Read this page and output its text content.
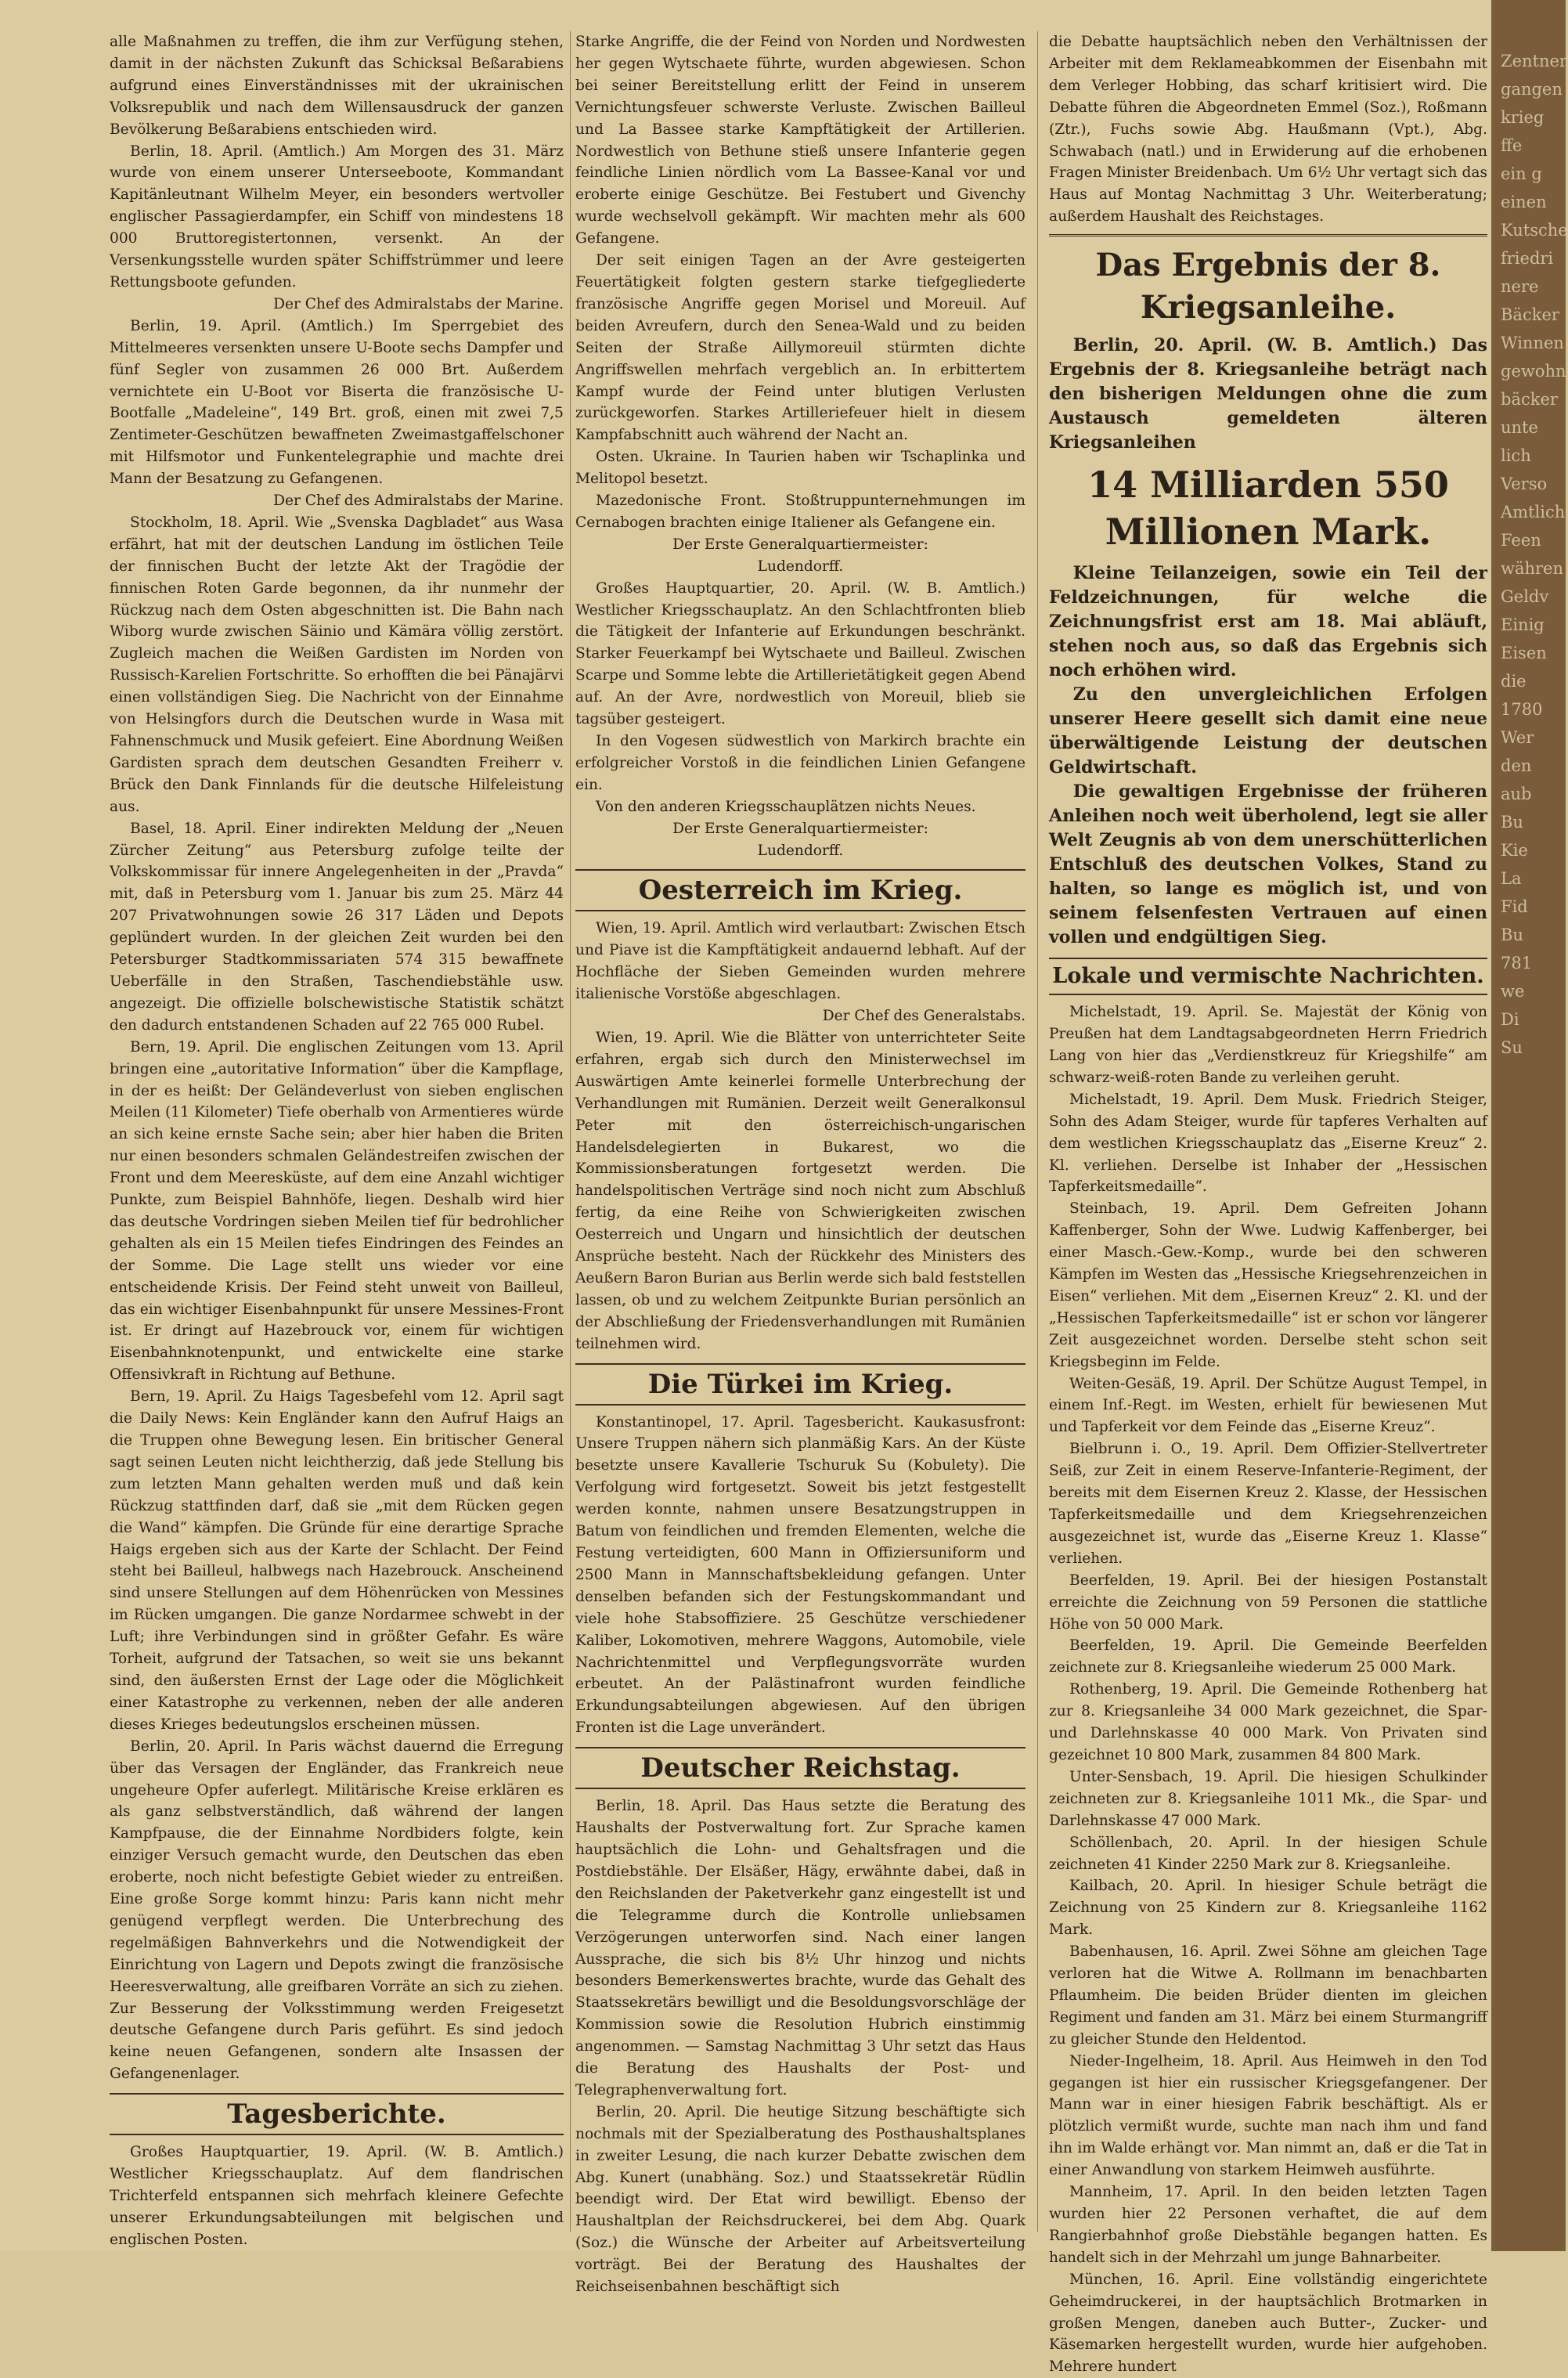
alle Maßnahmen zu treffen, die ihm zur Verfügung stehen, damit in der nächsten Zukunft das Schicksal Beßarabiens aufgrund eines Einverständnisses mit der ukrainischen Volksrepublik und nach dem Willensausdruck der ganzen Bevölkerung Beßarabiens entschieden wird.

Berlin, 18. April. (Amtlich.) Am Morgen des 31. März wurde von einem unserer Unterseeboote, Kommandant Kapitänleutnant Wilhelm Meyer, ein besonders wertvoller englischer Passagierdampfer, ein Schiff von mindestens 18 000 Bruttoregistertonnen, versenkt. An der Versenkungsstelle wurden später Schiffstrümmer und leere Rettungsboote gefunden.

Der Chef des Admiralstabs der Marine.

Berlin, 19. April. (Amtlich.) Im Sperrgebiet des Mittelmeeres versenkten unsere U-Boote sechs Dampfer und fünf Segler von zusammen 26 000 Brt. Außerdem vernichtete ein U-Boot vor Biserta die französische U-Bootfalle „Madeleine“, 149 Brt. groß, einen mit zwei 7,5 Zentimeter-Geschützen bewaffneten Zweimastgaffelschoner mit Hilfsmotor und Funkentelegraphie und machte drei Mann der Besatzung zu Gefangenen.

Der Chef des Admiralstabs der Marine.

Stockholm, 18. April. Wie „Svenska Dagbladet“ aus Wasa erfährt, hat mit der deutschen Landung im östlichen Teile der finnischen Bucht der letzte Akt der Tragödie der finnischen Roten Garde begonnen, da ihr nunmehr der Rückzug nach dem Osten abgeschnitten ist. Die Bahn nach Wiborg wurde zwischen Säinio und Kämära völlig zerstört. Zugleich machen die Weißen Gardisten im Norden von Russisch-Karelien Fortschritte. So erhofften die bei Pänajärvi einen vollständigen Sieg. Die Nachricht von der Einnahme von Helsingfors durch die Deutschen wurde in Wasa mit Fahnenschmuck und Musik gefeiert. Eine Abordnung Weißen Gardisten sprach dem deutschen Gesandten Freiherr v. Brück den Dank Finnlands für die deutsche Hilfeleistung aus.

Basel, 18. April. Einer indirekten Meldung der „Neuen Zürcher Zeitung“ aus Petersburg zufolge teilte der Volkskommissar für innere Angelegenheiten in der „Pravda“ mit, daß in Petersburg vom 1. Januar bis zum 25. März 44 207 Privatwohnungen sowie 26 317 Läden und Depots geplündert wurden. In der gleichen Zeit wurden bei den Petersburger Stadtkommissariaten 574 315 bewaffnete Ueberfälle in den Straßen, Taschendiebstähle usw. angezeigt. Die offizielle bolschewistische Statistik schätzt den dadurch entstandenen Schaden auf 22 765 000 Rubel.

Bern, 19. April. Die englischen Zeitungen vom 13. April bringen eine „autoritative Information“ über die Kampflage, in der es heißt: Der Geländeverlust von sieben englischen Meilen (11 Kilometer) Tiefe oberhalb von Armentieres würde an sich keine ernste Sache sein; aber hier haben die Briten nur einen besonders schmalen Geländestreifen zwischen der Front und dem Meeresküste, auf dem eine Anzahl wichtiger Punkte, zum Beispiel Bahnhöfe, liegen. Deshalb wird hier das deutsche Vordringen sieben Meilen tief für bedrohlicher gehalten als ein 15 Meilen tiefes Eindringen des Feindes an der Somme. Die Lage stellt uns wieder vor eine entscheidende Krisis. Der Feind steht unweit von Bailleul, das ein wichtiger Eisenbahnpunkt für unsere Messines-Front ist. Er dringt auf Hazebrouck vor, einem für wichtigen Eisenbahnknotenpunkt, und entwickelte eine starke Offensivkraft in Richtung auf Bethune.

Bern, 19. April. Zu Haigs Tagesbefehl vom 12. April sagt die Daily News: Kein Engländer kann den Aufruf Haigs an die Truppen ohne Bewegung lesen. Ein britischer General sagt seinen Leuten nicht leichtherzig, daß jede Stellung bis zum letzten Mann gehalten werden muß und daß kein Rückzug stattfinden darf, daß sie „mit dem Rücken gegen die Wand“ kämpfen. Die Gründe für eine derartige Sprache Haigs ergeben sich aus der Karte der Schlacht. Der Feind steht bei Bailleul, halbwegs nach Hazebrouck. Anscheinend sind unsere Stellungen auf dem Höhenrücken von Messines im Rücken umgangen. Die ganze Nordarmee schwebt in der Luft; ihre Verbindungen sind in größter Gefahr. Es wäre Torheit, aufgrund der Tatsachen, so weit sie uns bekannt sind, den äußersten Ernst der Lage oder die Möglichkeit einer Katastrophe zu verkennen, neben der alle anderen dieses Krieges bedeutungslos erscheinen müssen.

Berlin, 20. April. In Paris wächst dauernd die Erregung über das Versagen der Engländer, das Frankreich neue ungeheure Opfer auferlegt. Militärische Kreise erklären es als ganz selbstverständlich, daß während der langen Kampfpause, die der Einnahme Nordbiders folgte, kein einziger Versuch gemacht wurde, den Deutschen das eben eroberte, noch nicht befestigte Gebiet wieder zu entreißen. Eine große Sorge kommt hinzu: Paris kann nicht mehr genügend verpflegt werden. Die Unterbrechung des regelmäßigen Bahnverkehrs und die Notwendigkeit der Einrichtung von Lagern und Depots zwingt die französische Heeresverwaltung, alle greifbaren Vorräte an sich zu ziehen. Zur Besserung der Volksstimmung werden Freigesetzt deutsche Gefangene durch Paris geführt. Es sind jedoch keine neuen Gefangenen, sondern alte Insassen der Gefangenenlager.

Tagesberichte.

Großes Hauptquartier, 19. April. (W. B. Amtlich.) Westlicher Kriegsschauplatz. Auf dem flandrischen Trichterfeld entspannen sich mehrfach kleinere Gefechte unserer Erkundungsabteilungen mit belgischen und englischen Posten.

Starke Angriffe, die der Feind von Norden und Nordwesten her gegen Wytschaete führte, wurden abgewiesen. Schon bei seiner Bereitstellung erlitt der Feind in unserem Vernichtungsfeuer schwerste Verluste. Zwischen Bailleul und La Bassee starke Kampftätigkeit der Artillerien. Nordwestlich von Bethune stieß unsere Infanterie gegen feindliche Linien nördlich vom La Bassee-Kanal vor und eroberte einige Geschütze. Bei Festubert und Givenchy wurde wechselvoll gekämpft. Wir machten mehr als 600 Gefangene.

Der seit einigen Tagen an der Avre gesteigerten Feuertätigkeit folgten gestern starke tiefgegliederte französische Angriffe gegen Morisel und Moreuil. Auf beiden Avreufern, durch den Senea-Wald und zu beiden Seiten der Straße Aillymoreuil stürmten dichte Angriffswellen mehrfach vergeblich an. In erbittertem Kampf wurde der Feind unter blutigen Verlusten zurückgeworfen. Starkes Artilleriefeuer hielt in diesem Kampfabschnitt auch während der Nacht an.

Osten. Ukraine. In Taurien haben wir Tschaplinka und Melitopol besetzt.

Mazedonische Front. Stoßtruppunternehmungen im Cernabogen brachten einige Italiener als Gefangene ein.

Der Erste Generalquartiermeister:

Ludendorff.

Großes Hauptquartier, 20. April. (W. B. Amtlich.) Westlicher Kriegsschauplatz. An den Schlachtfronten blieb die Tätigkeit der Infanterie auf Erkundungen beschränkt. Starker Feuerkampf bei Wytschaete und Bailleul. Zwischen Scarpe und Somme lebte die Artillerietätigkeit gegen Abend auf. An der Avre, nordwestlich von Moreuil, blieb sie tagsüber gesteigert.

In den Vogesen südwestlich von Markirch brachte ein erfolgreicher Vorstoß in die feindlichen Linien Gefangene ein.

Von den anderen Kriegsschauplätzen nichts Neues.

Der Erste Generalquartiermeister:

Ludendorff.

Oesterreich im Krieg.

Wien, 19. April. Amtlich wird verlautbart: Zwischen Etsch und Piave ist die Kampftätigkeit andauernd lebhaft. Auf der Hochfläche der Sieben Gemeinden wurden mehrere italienische Vorstöße abgeschlagen.

Der Chef des Generalstabs.

Wien, 19. April. Wie die Blätter von unterrichteter Seite erfahren, ergab sich durch den Ministerwechsel im Auswärtigen Amte keinerlei formelle Unterbrechung der Verhandlungen mit Rumänien. Derzeit weilt Generalkonsul Peter mit den österreichisch-ungarischen Handelsdelegierten in Bukarest, wo die Kommissionsberatungen fortgesetzt werden. Die handelspolitischen Verträge sind noch nicht zum Abschluß fertig, da eine Reihe von Schwierigkeiten zwischen Oesterreich und Ungarn und hinsichtlich der deutschen Ansprüche besteht. Nach der Rückkehr des Ministers des Aeußern Baron Burian aus Berlin werde sich bald feststellen lassen, ob und zu welchem Zeitpunkte Burian persönlich an der Abschließung der Friedensverhandlungen mit Rumänien teilnehmen wird.

Die Türkei im Krieg.

Konstantinopel, 17. April. Tagesbericht. Kaukasusfront: Unsere Truppen nähern sich planmäßig Kars. An der Küste besetzte unsere Kavallerie Tschuruk Su (Kobulety). Die Verfolgung wird fortgesetzt. Soweit bis jetzt festgestellt werden konnte, nahmen unsere Besatzungstruppen in Batum von feindlichen und fremden Elementen, welche die Festung verteidigten, 600 Mann in Offiziersuniform und 2500 Mann in Mannschaftsbekleidung gefangen. Unter denselben befanden sich der Festungskommandant und viele hohe Stabsoffiziere. 25 Geschütze verschiedener Kaliber, Lokomotiven, mehrere Waggons, Automobile, viele Nachrichtenmittel und Verpflegungsvorräte wurden erbeutet. An der Palästinafront wurden feindliche Erkundungsabteilungen abgewiesen. Auf den übrigen Fronten ist die Lage unverändert.

Deutscher Reichstag.

Berlin, 18. April. Das Haus setzte die Beratung des Haushalts der Postverwaltung fort. Zur Sprache kamen hauptsächlich die Lohn- und Gehaltsfragen und die Postdiebstähle. Der Elsäßer, Hägy, erwähnte dabei, daß in den Reichslanden der Paketverkehr ganz eingestellt ist und die Telegramme durch die Kontrolle unliebsamen Verzögerungen unterworfen sind. Nach einer langen Aussprache, die sich bis 8½ Uhr hinzog und nichts besonders Bemerkenswertes brachte, wurde das Gehalt des Staatssekretärs bewilligt und die Besoldungsvorschläge der Kommission sowie die Resolution Hubrich einstimmig angenommen. — Samstag Nachmittag 3 Uhr setzt das Haus die Beratung des Haushalts der Post- und Telegraphenverwaltung fort.

Berlin, 20. April. Die heutige Sitzung beschäftigte sich nochmals mit der Spezialberatung des Posthaushaltsplanes in zweiter Lesung, die nach kurzer Debatte zwischen dem Abg. Kunert (unabhäng. Soz.) und Staatssekretär Rüdlin beendigt wird. Der Etat wird bewilligt. Ebenso der Haushaltplan der Reichsdruckerei, bei dem Abg. Quark (Soz.) die Wünsche der Arbeiter auf Arbeitsverteilung vorträgt. Bei der Beratung des Haushaltes der Reichseisenbahnen beschäftigt sich

die Debatte hauptsächlich neben den Verhältnissen der Arbeiter mit dem Reklameabkommen der Eisenbahn mit dem Verleger Hobbing, das scharf kritisiert wird. Die Debatte führen die Abgeordneten Emmel (Soz.), Roßmann (Ztr.), Fuchs sowie Abg. Haußmann (Vpt.), Abg. Schwabach (natl.) und in Erwiderung auf die erhobenen Fragen Minister Breidenbach. Um 6½ Uhr vertagt sich das Haus auf Montag Nachmittag 3 Uhr. Weiterberatung; außerdem Haushalt des Reichstages.

Das Ergebnis der 8. Kriegsanleihe.

Berlin, 20. April. (W. B. Amtlich.) Das Ergebnis der 8. Kriegsanleihe beträgt nach den bisherigen Meldungen ohne die zum Austausch gemeldeten älteren Kriegsanleihen

14 Milliarden 550 Millionen Mark.

Kleine Teilanzeigen, sowie ein Teil der Feldzeichnungen, für welche die Zeichnungsfrist erst am 18. Mai abläuft, stehen noch aus, so daß das Ergebnis sich noch erhöhen wird.

Zu den unvergleichlichen Erfolgen unserer Heere gesellt sich damit eine neue überwältigende Leistung der deutschen Geldwirtschaft.

Die gewaltigen Ergebnisse der früheren Anleihen noch weit überholend, legt sie aller Welt Zeugnis ab von dem unerschütterlichen Entschluß des deutschen Volkes, Stand zu halten, so lange es möglich ist, und von seinem felsenfesten Vertrauen auf einen vollen und endgültigen Sieg.

Lokale und vermischte Nachrichten.

Michelstadt, 19. April. Se. Majestät der König von Preußen hat dem Landtagsabgeordneten Herrn Friedrich Lang von hier das „Verdienstkreuz für Kriegshilfe“ am schwarz-weiß-roten Bande zu verleihen geruht.

Michelstadt, 19. April. Dem Musk. Friedrich Steiger, Sohn des Adam Steiger, wurde für tapferes Verhalten auf dem westlichen Kriegsschauplatz das „Eiserne Kreuz“ 2. Kl. verliehen. Derselbe ist Inhaber der „Hessischen Tapferkeitsmedaille“.

Steinbach, 19. April. Dem Gefreiten Johann Kaffenberger, Sohn der Wwe. Ludwig Kaffenberger, bei einer Masch.-Gew.-Komp., wurde bei den schweren Kämpfen im Westen das „Hessische Kriegsehrenzeichen in Eisen“ verliehen. Mit dem „Eisernen Kreuz“ 2. Kl. und der „Hessischen Tapferkeitsmedaille“ ist er schon vor längerer Zeit ausgezeichnet worden. Derselbe steht schon seit Kriegsbeginn im Felde.

Weiten-Gesäß, 19. April. Der Schütze August Tempel, in einem Inf.-Regt. im Westen, erhielt für bewiesenen Mut und Tapferkeit vor dem Feinde das „Eiserne Kreuz“.

Bielbrunn i. O., 19. April. Dem Offizier-Stellvertreter Seiß, zur Zeit in einem Reserve-Infanterie-Regiment, der bereits mit dem Eisernen Kreuz 2. Klasse, der Hessischen Tapferkeitsmedaille und dem Kriegsehrenzeichen ausgezeichnet ist, wurde das „Eiserne Kreuz 1. Klasse“ verliehen.

Beerfelden, 19. April. Bei der hiesigen Postanstalt erreichte die Zeichnung von 59 Personen die stattliche Höhe von 50 000 Mark.

Beerfelden, 19. April. Die Gemeinde Beerfelden zeichnete zur 8. Kriegsanleihe wiederum 25 000 Mark.

Rothenberg, 19. April. Die Gemeinde Rothenberg hat zur 8. Kriegsanleihe 34 000 Mark gezeichnet, die Spar- und Darlehnskasse 40 000 Mark. Von Privaten sind gezeichnet 10 800 Mark, zusammen 84 800 Mark.

Unter-Sensbach, 19. April. Die hiesigen Schulkinder zeichneten zur 8. Kriegsanleihe 1011 Mk., die Spar- und Darlehnskasse 47 000 Mark.

Schöllenbach, 20. April. In der hiesigen Schule zeichneten 41 Kinder 2250 Mark zur 8. Kriegsanleihe.

Kailbach, 20. April. In hiesiger Schule beträgt die Zeichnung von 25 Kindern zur 8. Kriegsanleihe 1162 Mark.

Babenhausen, 16. April. Zwei Söhne am gleichen Tage verloren hat die Witwe A. Rollmann im benachbarten Pflaumheim. Die beiden Brüder dienten im gleichen Regiment und fanden am 31. März bei einem Sturmangriff zu gleicher Stunde den Heldentod.

Nieder-Ingelheim, 18. April. Aus Heimweh in den Tod gegangen ist hier ein russischer Kriegsgefangener. Der Mann war in einer hiesigen Fabrik beschäftigt. Als er plötzlich vermißt wurde, suchte man nach ihm und fand ihn im Walde erhängt vor. Man nimmt an, daß er die Tat in einer Anwandlung von starkem Heimweh ausführte.

Mannheim, 17. April. In den beiden letzten Tagen wurden hier 22 Personen verhaftet, die auf dem Rangierbahnhof große Diebstähle begangen hatten. Es handelt sich in der Mehrzahl um junge Bahnarbeiter.

München, 16. April. Eine vollständig eingerichtete Geheimdruckerei, in der hauptsächlich Brotmarken in großen Mengen, daneben auch Butter-, Zucker- und Käsemarken hergestellt wurden, wurde hier aufgehoben. Mehrere hundert

Zentner
gangen
krieg
ffe
ein g
einen
Kutsche
friedri
nere
Bäcker
Winnen
gewohn
bäcker
unte
lich
Verso
Amtlich
Feen
währen
Geldv
Einig
Eisen
die
1780
Wer
den
aub
Bu
Kie
La
Fid
Bu
781
we
Di
Su
